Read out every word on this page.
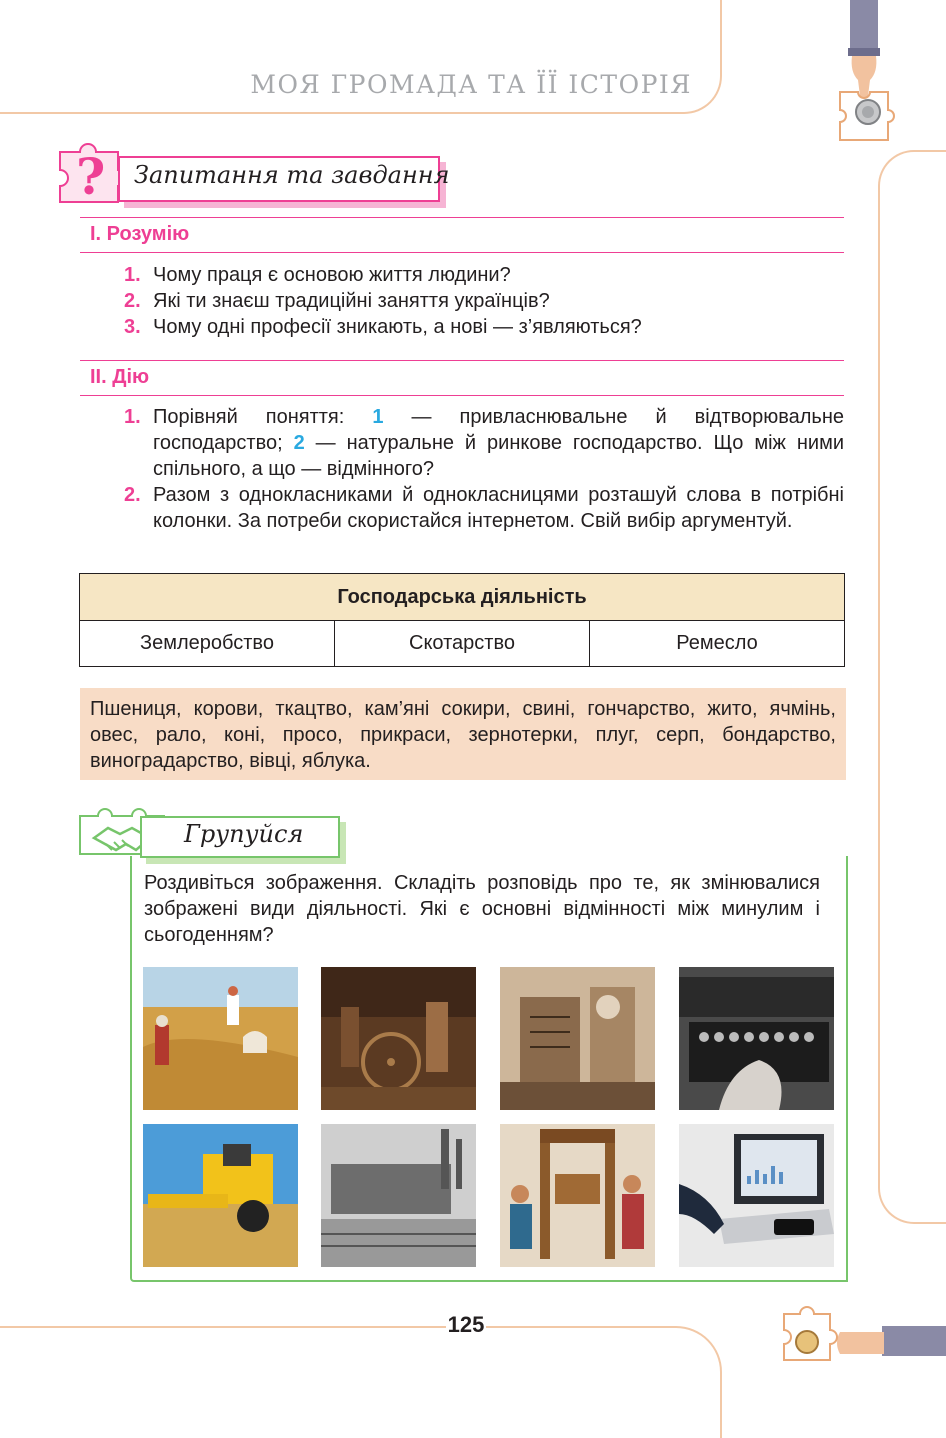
МОЯ ГРОМАДА ТА ЇЇ ІСТОРІЯ
? Запитання та завдання
І. Розумію
1. Чому праця є основою життя людини?
2. Які ти знаєш традиційні заняття українців?
3. Чому одні професії зникають, а нові — з’являються?
ІІ. Дію
1. Порівняй поняття: 1 — привласнювальне й відтворювальне господарство; 2 — натуральне й ринкове господарство. Що між ними спільного, а що — відмінного?
2. Разом з однокласниками й однокласницями розташуй слова в потрібні колонки. За потреби скористайся інтернетом. Свій вибір аргументуй.
Господарська діяльність
Землеробство	Скотарство	Ремесло
Пшениця, корови, ткацтво, кам’яні сокири, свині, гончарство, жито, ячмінь, овес, рало, коні, просо, прикраси, зернотерки, плуг, серп, бондарство, виноградарство, вівці, яблука.
Групуйся
Роздивіться зображення. Складіть розповідь про те, як змінювалися зображені види діяльності. Які є основні відмінності між минулим і сьогоденням?
125
